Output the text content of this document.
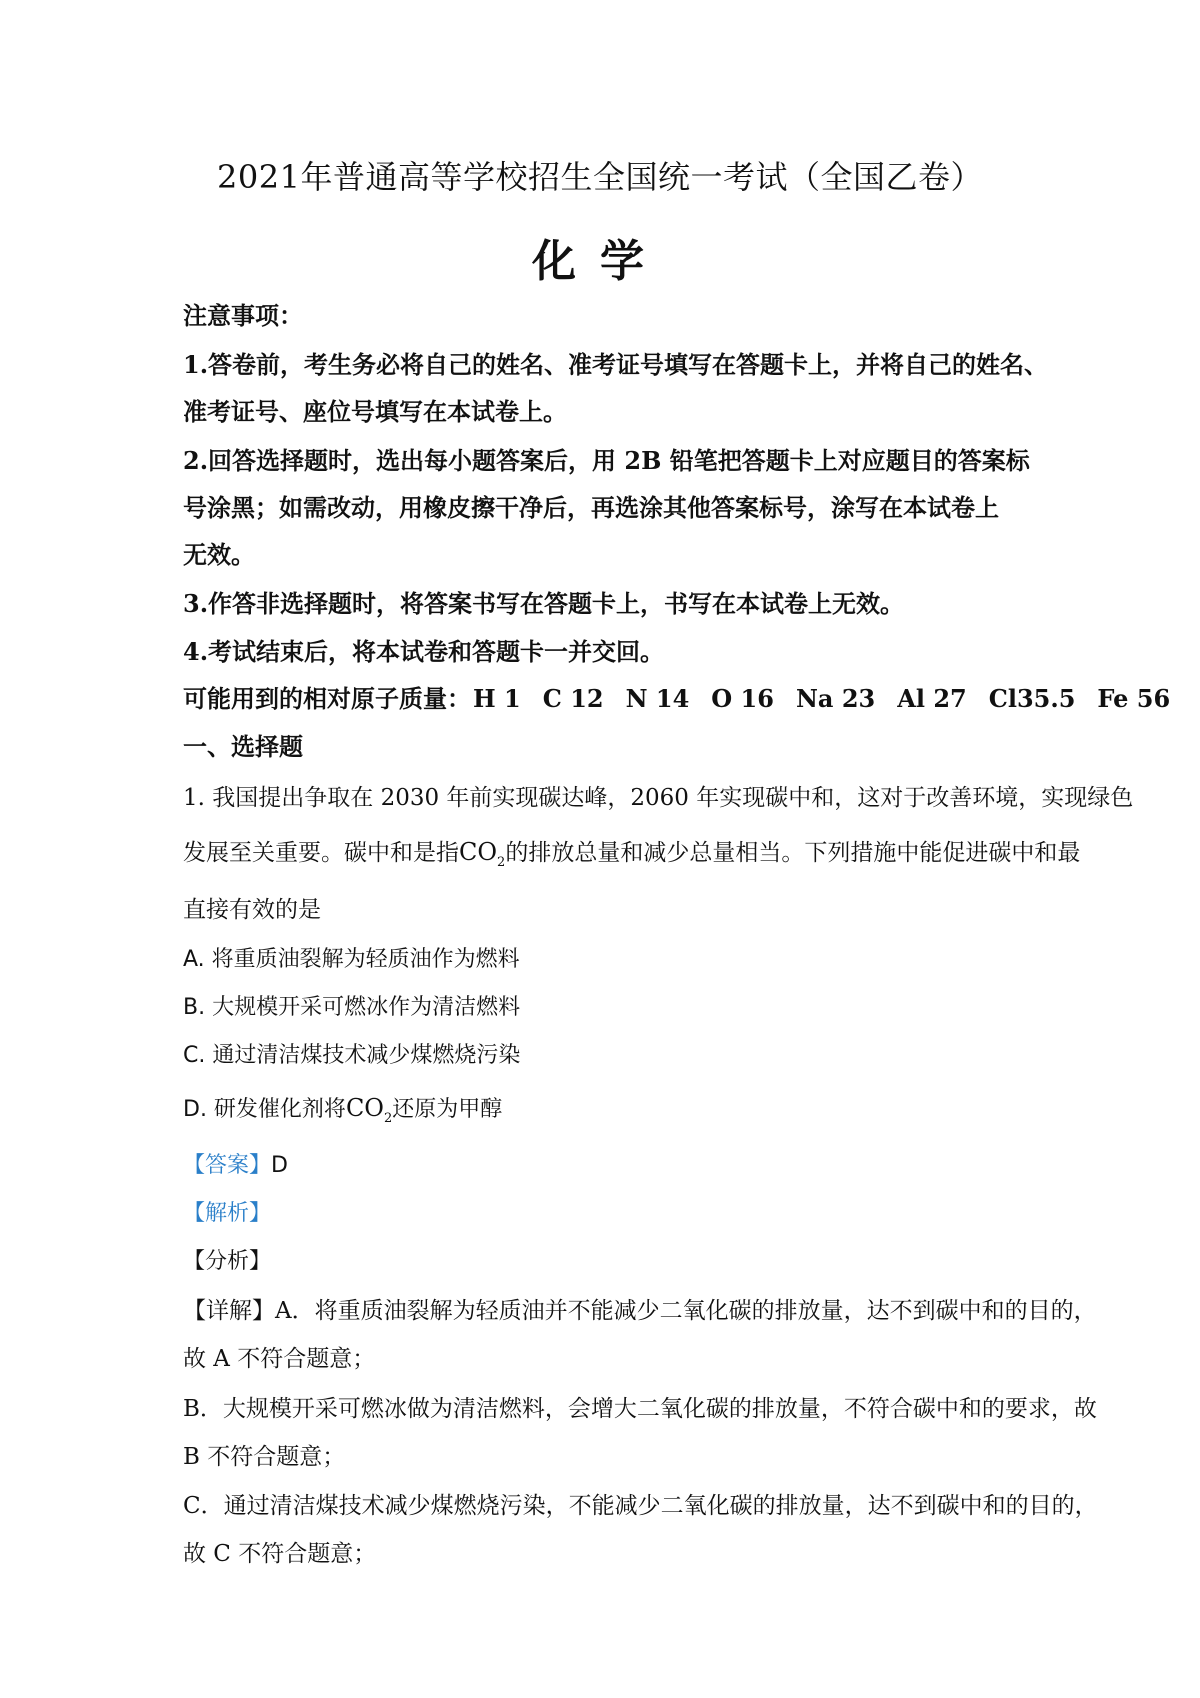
2021年普通高等学校招生全国统一考试（全国乙卷）
化学
注意事项：
1.答卷前，考生务必将自己的姓名、准考证号填写在答题卡上，并将自己的姓名、
准考证号、座位号填写在本试卷上。
2.回答选择题时，选出每小题答案后，用 2B 铅笔把答题卡上对应题目的答案标
号涂黑；如需改动，用橡皮擦干净后，再选涂其他答案标号，涂写在本试卷上
无效。
3.作答非选择题时，将答案书写在答题卡上，书写在本试卷上无效。
4.考试结束后，将本试卷和答题卡一并交回。
可能用到的相对原子质量：H 1 C 12 N 14 O 16 Na 23 Al 27 Cl35.5 Fe 56
一、选择题
1. 我国提出争取在 2030 年前实现碳达峰，2060 年实现碳中和，这对于改善环境，实现绿色
发展至关重要。碳中和是指$CO_2$的排放总量和减少总量相当。下列措施中能促进碳中和最
直接有效的是
A. 将重质油裂解为轻质油作为燃料
B. 大规模开采可燃冰作为清洁燃料
C. 通过清洁煤技术减少煤燃烧污染
D. 研发催化剂将$CO_2$还原为甲醇
【答案】D
【解析】
【分析】
【详解】A．将重质油裂解为轻质油并不能减少二氧化碳的排放量，达不到碳中和的目的，
故 A 不符合题意；
B．大规模开采可燃冰做为清洁燃料，会增大二氧化碳的排放量，不符合碳中和的要求，故
B 不符合题意；
C．通过清洁煤技术减少煤燃烧污染，不能减少二氧化碳的排放量，达不到碳中和的目的，
故 C 不符合题意；
